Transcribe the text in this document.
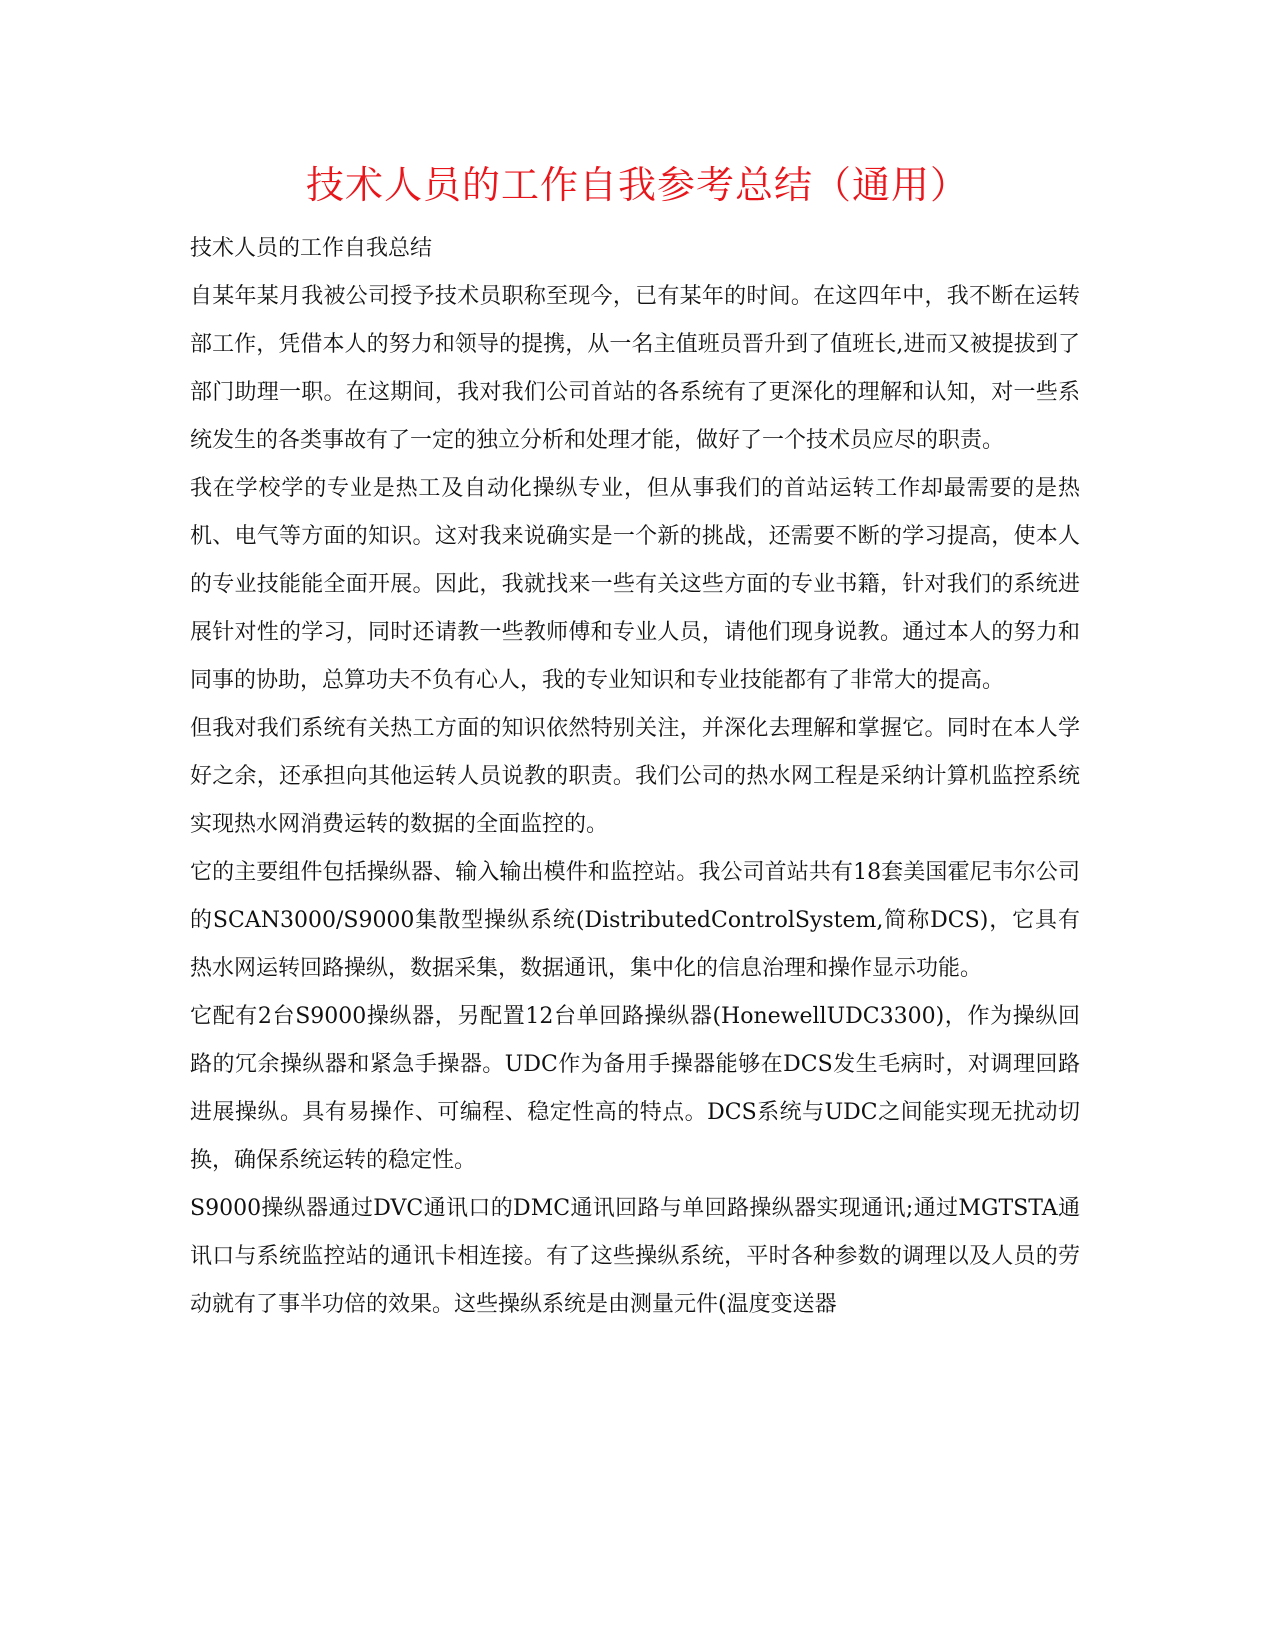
技术人员的工作自我参考总结（通用）

技术人员的工作自我总结

自某年某月我被公司授予技术员职称至现今，已有某年的时间。在这四年中，我不断在运转部工作，凭借本人的努力和领导的提携，从一名主值班员晋升到了值班长,进而又被提拔到了部门助理一职。在这期间，我对我们公司首站的各系统有了更深化的理解和认知，对一些系统发生的各类事故有了一定的独立分析和处理才能，做好了一个技术员应尽的职责。

我在学校学的专业是热工及自动化操纵专业，但从事我们的首站运转工作却最需要的是热机、电气等方面的知识。这对我来说确实是一个新的挑战，还需要不断的学习提高，使本人的专业技能能全面开展。因此，我就找来一些有关这些方面的专业书籍，针对我们的系统进展针对性的学习，同时还请教一些教师傅和专业人员，请他们现身说教。通过本人的努力和同事的协助，总算功夫不负有心人，我的专业知识和专业技能都有了非常大的提高。

但我对我们系统有关热工方面的知识依然特别关注，并深化去理解和掌握它。同时在本人学好之余，还承担向其他运转人员说教的职责。我们公司的热水网工程是采纳计算机监控系统实现热水网消费运转的数据的全面监控的。

它的主要组件包括操纵器、输入输出模件和监控站。我公司首站共有18套美国霍尼韦尔公司的SCAN3000/S9000集散型操纵系统(DistributedControlSystem,简称DCS)，它具有热水网运转回路操纵，数据采集，数据通讯，集中化的信息治理和操作显示功能。

它配有2台S9000操纵器，另配置12台单回路操纵器(HonewellUDC3300)，作为操纵回路的冗余操纵器和紧急手操器。UDC作为备用手操器能够在DCS发生毛病时，对调理回路进展操纵。具有易操作、可编程、稳定性高的特点。DCS系统与UDC之间能实现无扰动切换，确保系统运转的稳定性。

S9000操纵器通过DVC通讯口的DMC通讯回路与单回路操纵器实现通讯;通过MGTSTA通讯口与系统监控站的通讯卡相连接。有了这些操纵系统，平时各种参数的调理以及人员的劳动就有了事半功倍的效果。这些操纵系统是由测量元件(温度变送器
